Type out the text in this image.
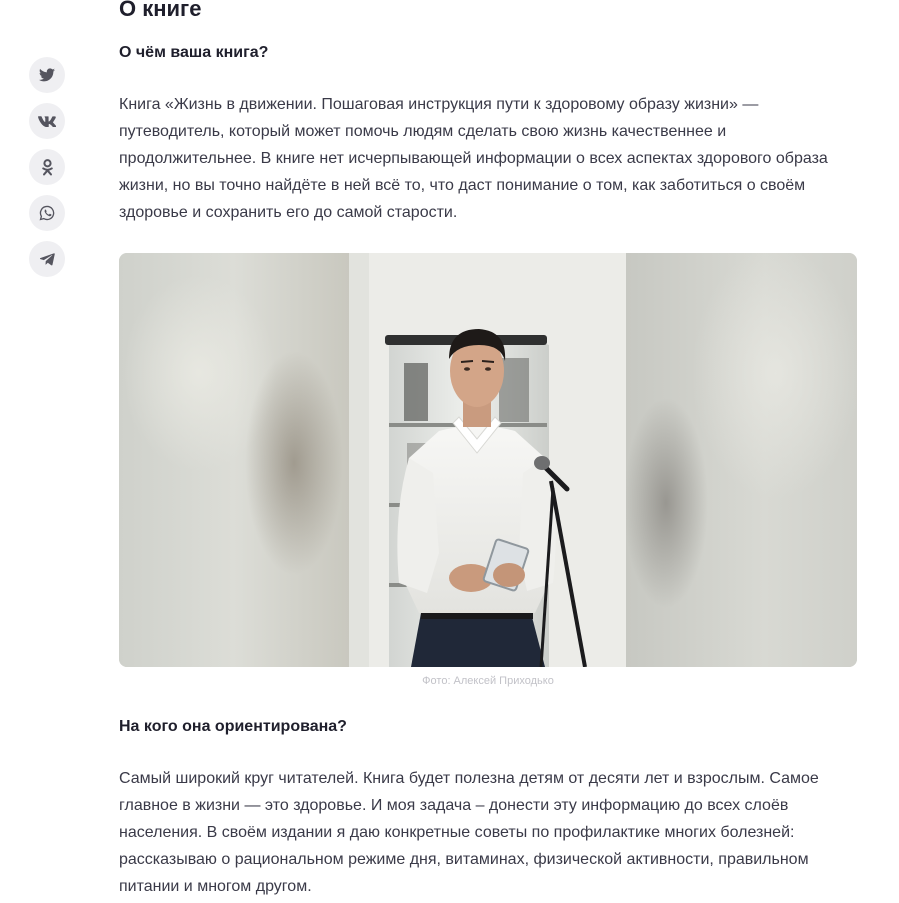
О книге

О чём ваша книга?

Книга «Жизнь в движении. Пошаговая инструкция пути к здоровому образу жизни» — путеводитель, который может помочь людям сделать свою жизнь качественнее и продолжительнее. В книге нет исчерпывающей информации о всех аспектах здорового образа жизни, но вы точно найдёте в ней всё то, что даст понимание о том, как заботиться о своём здоровье и сохранить его до самой старости.

Фото: Алексей Приходько

На кого она ориентирована?

Самый широкий круг читателей. Книга будет полезна детям от десяти лет и взрослым. Самое главное в жизни — это здоровье. И моя задача – донести эту информацию до всех слоёв населения. В своём издании я даю конкретные советы по профилактике многих болезней: рассказываю о рациональном режиме дня, витаминах, физической активности, правильном питании и многом другом.
